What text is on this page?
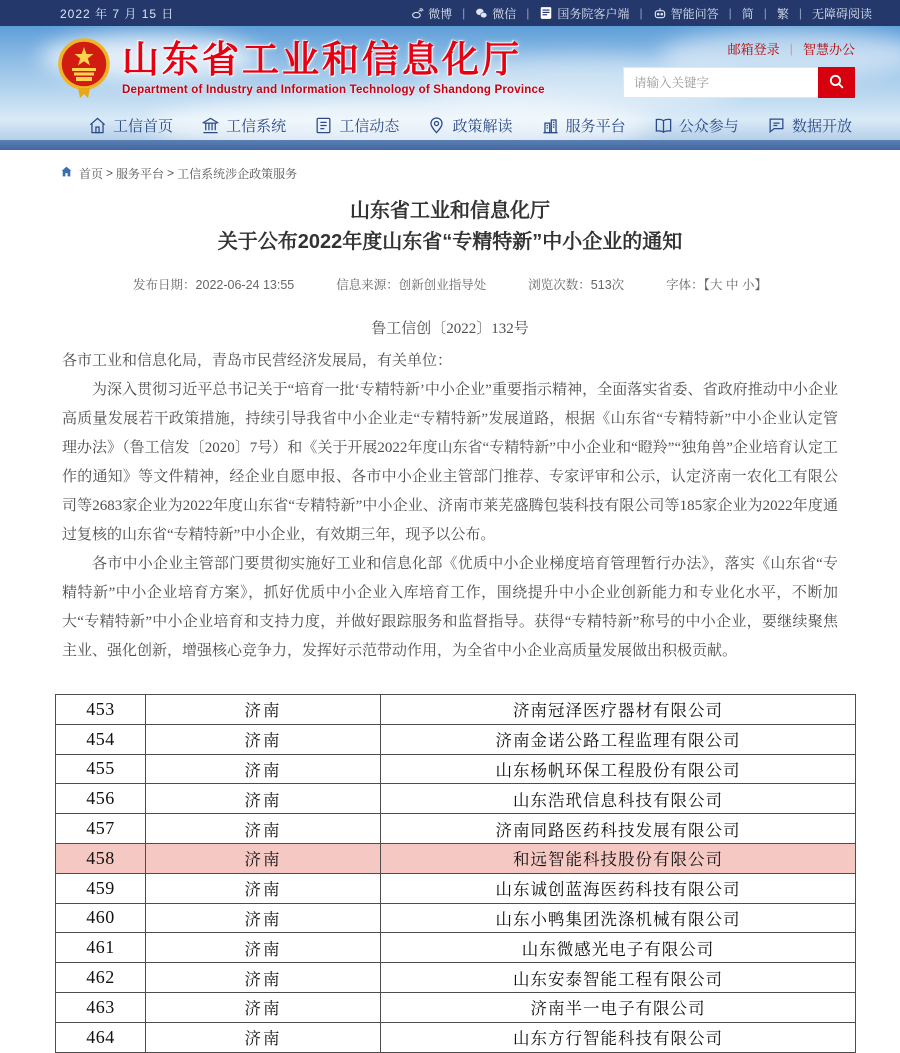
2022 年 7 月 15 日	微博 | 微信 | 国务院客户端 | 智能问答 | 简 | 繁 | 无障碍阅读
山东省工业和信息化厅
Department of Industry and Information Technology of Shandong Province
邮箱登录 | 智慧办公
请输入关键字
工信首页	工信系统	工信动态	政策解读	服务平台	公众参与	数据开放
首页 > 服务平台 > 工信系统涉企政策服务
山东省工业和信息化厅
关于公布2022年度山东省“专精特新”中小企业的通知
发布日期：2022-06-24 13:55	信息来源：创新创业指导处	浏览次数：513次	字体：【大 中 小】
鲁工信创〔2022〕132号
各市工业和信息化局，青岛市民营经济发展局，有关单位：

为深入贯彻习近平总书记关于“培育一批‘专精特新’中小企业”重要指示精神，全面落实省委、省政府推动中小企业高质量发展若干政策措施，持续引导我省中小企业走“专精特新”发展道路，根据《山东省“专精特新”中小企业认定管理办法》（鲁工信发〔2020〕7号）和《关于开展2022年度山东省“专精特新”中小企业和“瞪羚”“独角兽”企业培育认定工作的通知》等文件精神，经企业自愿申报、各市中小企业主管部门推荐、专家评审和公示，认定济南一农化工有限公司等2683家企业为2022年度山东省“专精特新”中小企业、济南市莱芜盛腾包装科技有限公司等185家企业为2022年度通过复核的山东省“专精特新”中小企业，有效期三年，现予以公布。

各市中小企业主管部门要贯彻实施好工业和信息化部《优质中小企业梯度培育管理暂行办法》，落实《山东省“专精特新”中小企业培育方案》，抓好优质中小企业入库培育工作，围绕提升中小企业创新能力和专业化水平，不断加大“专精特新”中小企业培育和支持力度，并做好跟踪服务和监督指导。获得“专精特新”称号的中小企业，要继续聚焦主业、强化创新，增强核心竞争力，发挥好示范带动作用，为全省中小企业高质量发展做出积极贡献。

453	济南	济南冠泽医疗器材有限公司
454	济南	济南金诺公路工程监理有限公司
455	济南	山东杨帆环保工程股份有限公司
456	济南	山东浩玳信息科技有限公司
457	济南	济南同路医药科技发展有限公司
458	济南	和远智能科技股份有限公司
459	济南	山东诚创蓝海医药科技有限公司
460	济南	山东小鸭集团洗涤机械有限公司
461	济南	山东微感光电子有限公司
462	济南	山东安泰智能工程有限公司
463	济南	济南半一电子有限公司
464	济南	山东方行智能科技有限公司
